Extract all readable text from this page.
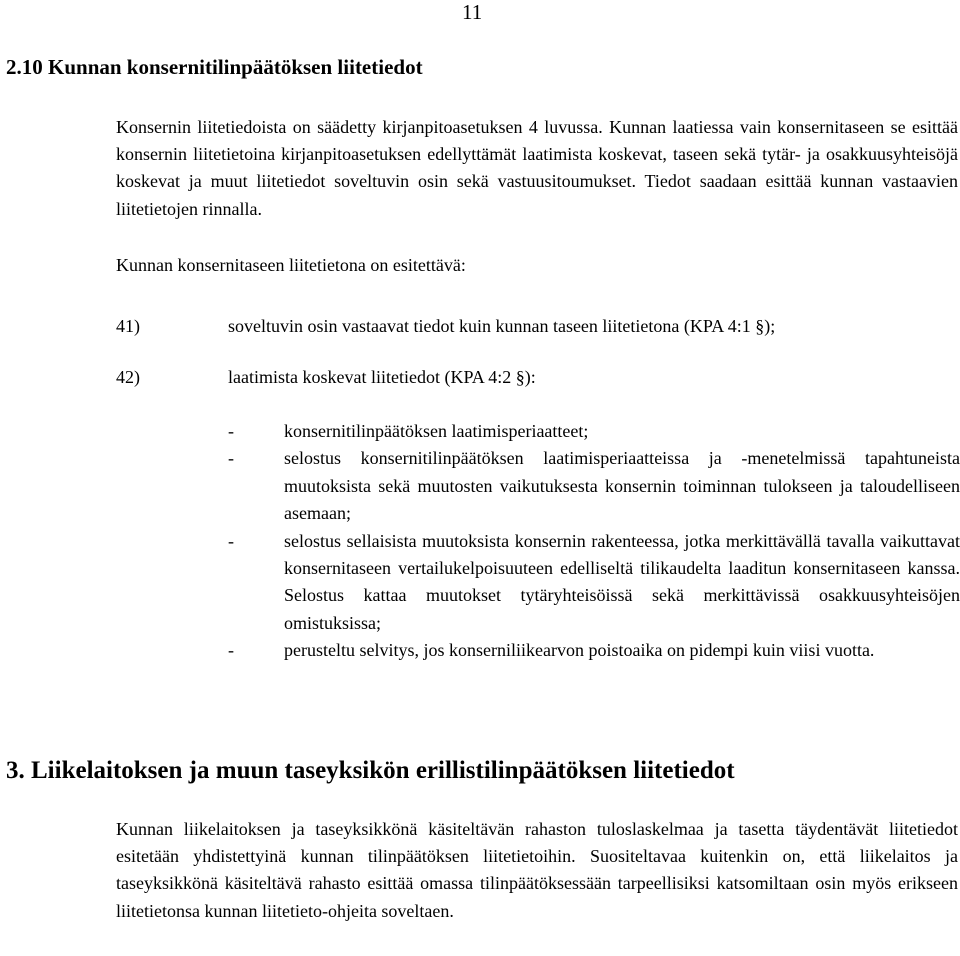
11
2.10 Kunnan konsernitilinpäätöksen liitetiedot

Konsernin liitetiedoista on säädetty kirjanpitoasetuksen 4 luvussa. Kunnan laatiessa vain konsernitaseen se esittää konsernin liitetietoina kirjanpitoasetuksen edellyttämät laatimista koskevat, taseen sekä tytär- ja osakkuusyhteisöjä koskevat ja muut liitetiedot soveltuvin osin sekä vastuusitoumukset. Tiedot saadaan esittää kunnan vastaavien liitetietojen rinnalla.

Kunnan konsernitaseen liitetietona on esitettävä:
41)	soveltuvin osin vastaavat tiedot kuin kunnan taseen liitetietona (KPA 4:1 §);
42)	laatimista koskevat liitetiedot (KPA 4:2 §):
-	konsernitilinpäätöksen laatimisperiaatteet;
-	selostus konsernitilinpäätöksen laatimisperiaatteissa ja -menetelmissä tapahtuneista muutoksista sekä muutosten vaikutuksesta konsernin toiminnan tulokseen ja taloudelliseen asemaan;
-	selostus sellaisista muutoksista konsernin rakenteessa, jotka merkittävällä tavalla vaikuttavat konsernitaseen vertailukelpoisuuteen edelliseltä tilikaudelta laaditun konsernitaseen kanssa. Selostus kattaa muutokset tytäryhteisöissä sekä merkittävissä osakkuusyhteisöjen omistuksissa;
-	perusteltu selvitys, jos konserniliikearvon poistoaika on pidempi kuin viisi vuotta.
3. Liikelaitoksen ja muun taseyksikön erillistilinpäätöksen liitetiedot

Kunnan liikelaitoksen ja taseyksikkönä käsiteltävän rahaston tuloslaskelmaa ja tasetta täydentävät liitetiedot esitetään yhdistettyinä kunnan tilinpäätöksen liitetietoihin. Suositeltavaa kuitenkin on, että liikelaitos ja taseyksikkönä käsiteltävä rahasto esittää omassa tilinpäätöksessään tarpeellisiksi katsomiltaan osin myös erikseen liitetietonsa kunnan liitetieto-ohjeita soveltaen.
